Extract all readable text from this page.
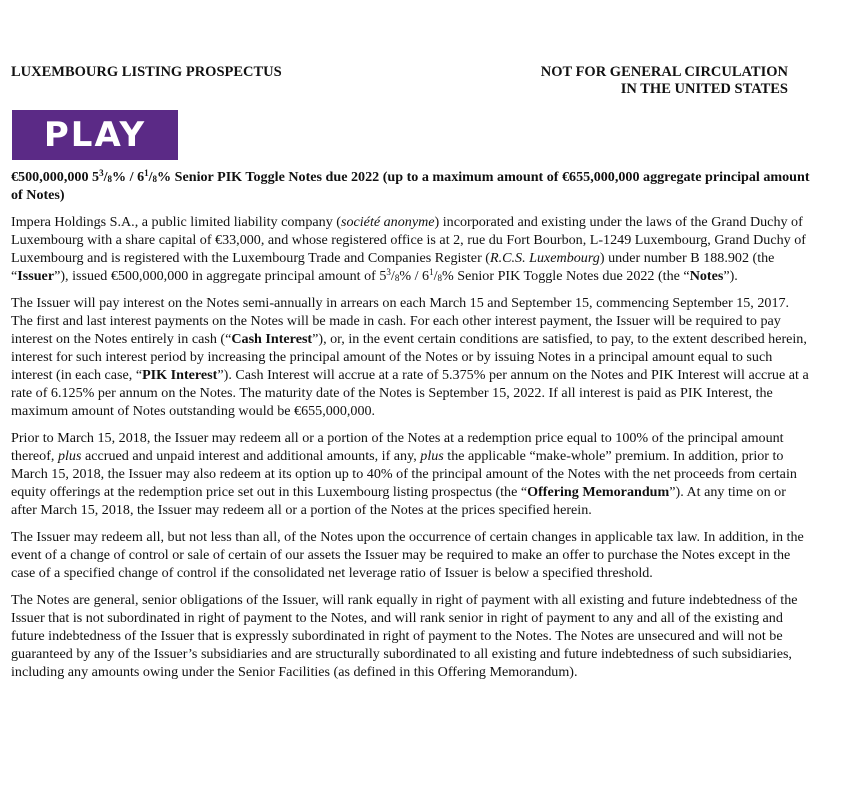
LUXEMBOURG LISTING PROSPECTUS	NOT FOR GENERAL CIRCULATION
IN THE UNITED STATES
PLAY
€500,000,000 $5^3/_8\% / 6^1/_8\%$ Senior PIK Toggle Notes due 2022 (up to a maximum amount of €655,000,000 aggregate principal amount of Notes)

Impera Holdings S.A., a public limited liability company (société anonyme) incorporated and existing under the laws of the Grand Duchy of Luxembourg with a share capital of €33,000, and whose registered office is at 2, rue du Fort Bourbon, L-1249 Luxembourg, Grand Duchy of Luxembourg and is registered with the Luxembourg Trade and Companies Register (R.C.S. Luxembourg) under number B 188.902 (the “Issuer”), issued €500,000,000 in aggregate principal amount of $5^3/_8\% / 6^1/_8\%$ Senior PIK Toggle Notes due 2022 (the “Notes”).

The Issuer will pay interest on the Notes semi-annually in arrears on each March 15 and September 15, commencing September 15, 2017. The first and last interest payments on the Notes will be made in cash. For each other interest payment, the Issuer will be required to pay interest on the Notes entirely in cash (“Cash Interest”), or, in the event certain conditions are satisfied, to pay, to the extent described herein, interest for such interest period by increasing the principal amount of the Notes or by issuing Notes in a principal amount equal to such interest (in each case, “PIK Interest”). Cash Interest will accrue at a rate of 5.375% per annum on the Notes and PIK Interest will accrue at a rate of 6.125% per annum on the Notes. The maturity date of the Notes is September 15, 2022. If all interest is paid as PIK Interest, the maximum amount of Notes outstanding would be €655,000,000.

Prior to March 15, 2018, the Issuer may redeem all or a portion of the Notes at a redemption price equal to 100% of the principal amount thereof, plus accrued and unpaid interest and additional amounts, if any, plus the applicable “make-whole” premium. In addition, prior to March 15, 2018, the Issuer may also redeem at its option up to 40% of the principal amount of the Notes with the net proceeds from certain equity offerings at the redemption price set out in this Luxembourg listing prospectus (the “Offering Memorandum”). At any time on or after March 15, 2018, the Issuer may redeem all or a portion of the Notes at the prices specified herein.

The Issuer may redeem all, but not less than all, of the Notes upon the occurrence of certain changes in applicable tax law. In addition, in the event of a change of control or sale of certain of our assets the Issuer may be required to make an offer to purchase the Notes except in the case of a specified change of control if the consolidated net leverage ratio of Issuer is below a specified threshold.

The Notes are general, senior obligations of the Issuer, will rank equally in right of payment with all existing and future indebtedness of the Issuer that is not subordinated in right of payment to the Notes, and will rank senior in right of payment to any and all of the existing and future indebtedness of the Issuer that is expressly subordinated in right of payment to the Notes. The Notes are unsecured and will not be guaranteed by any of the Issuer’s subsidiaries and are structurally subordinated to all existing and future indebtedness of such subsidiaries, including any amounts owing under the Senior Facilities (as defined in this Offering Memorandum).
